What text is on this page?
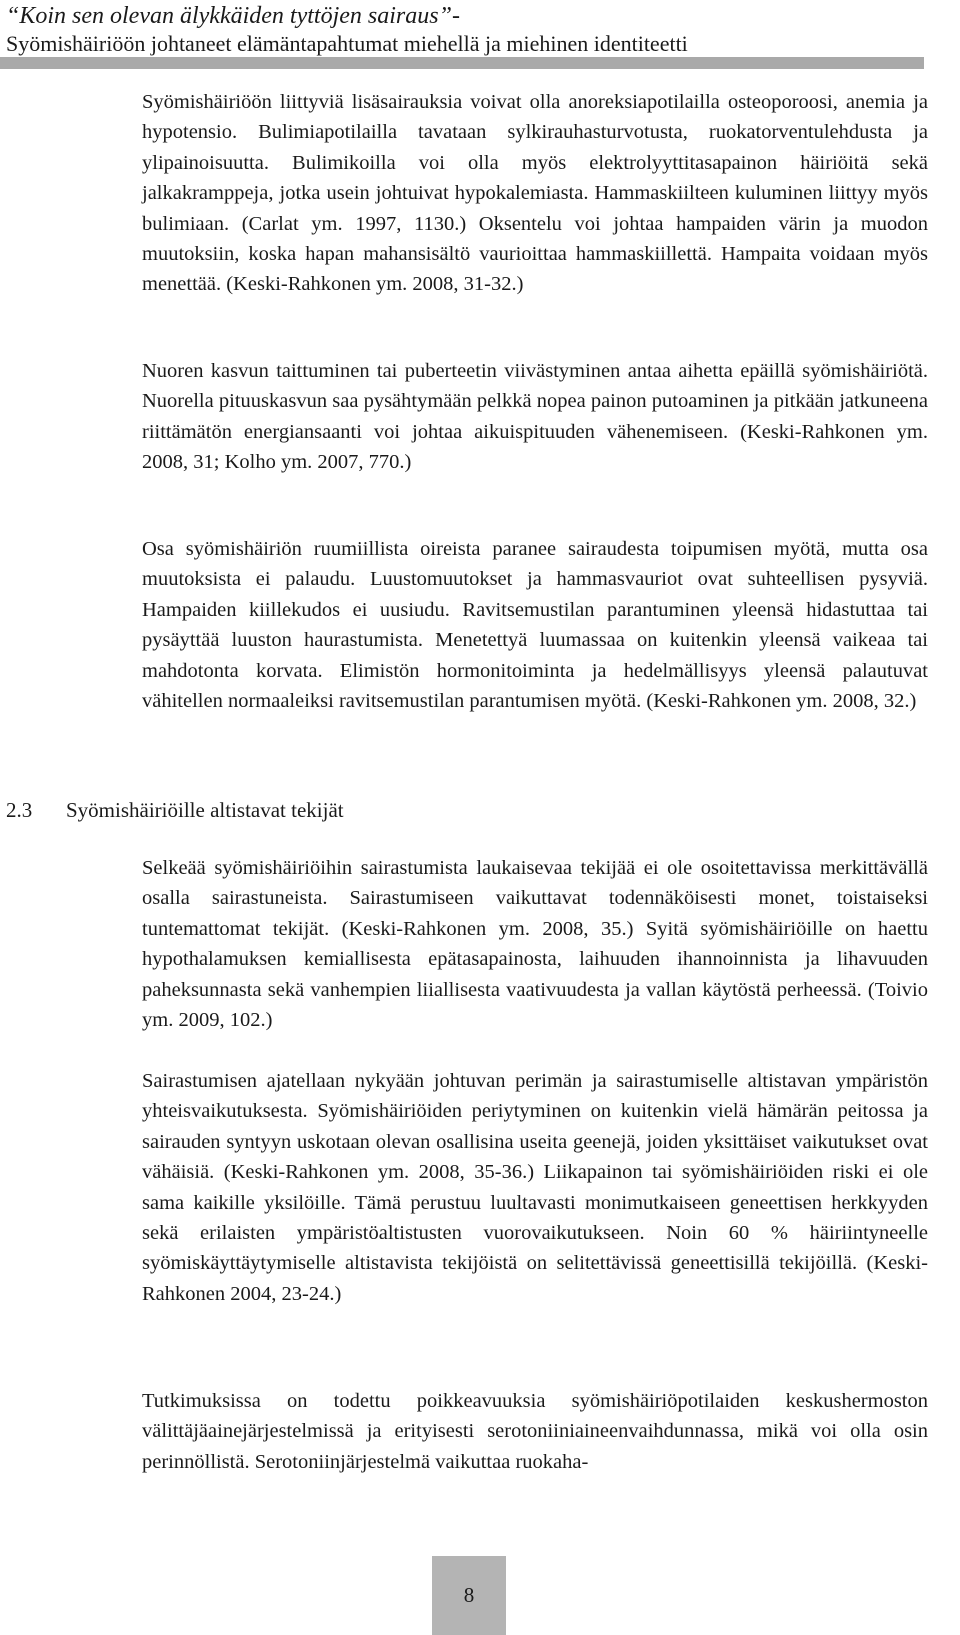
“Koin sen olevan älykkäiden tyttöjen sairaus”-
Syömishäiriöön johtaneet elämäntapahtumat miehellä ja miehinen identiteetti

Syömishäiriöön liittyviä lisäsairauksia voivat olla anoreksiapotilailla osteoporoosi, anemia ja hypotensio. Bulimiapotilailla tavataan sylkirauhasturvotusta, ruokatorventulehdusta ja ylipainoisuutta. Bulimikoilla voi olla myös elektrolyyttitasapainon häiriöitä sekä jalkakramppeja, jotka usein johtuivat hypokalemiasta. Hammaskiilteen kuluminen liittyy myös bulimiaan. (Carlat ym. 1997, 1130.) Oksentelu voi johtaa hampaiden värin ja muodon muutoksiin, koska hapan mahansisältö vaurioittaa hammaskiillettä. Hampaita voidaan myös menettää. (Keski-Rahkonen ym. 2008, 31-32.)

Nuoren kasvun taittuminen tai puberteetin viivästyminen antaa aihetta epäillä syömishäiriötä. Nuorella pituuskasvun saa pysähtymään pelkkä nopea painon putoaminen ja pitkään jatkuneena riittämätön energiansaanti voi johtaa aikuispituuden vähenemiseen. (Keski-Rahkonen ym. 2008, 31; Kolho ym. 2007, 770.)

Osa syömishäiriön ruumiillista oireista paranee sairaudesta toipumisen myötä, mutta osa muutoksista ei palaudu. Luustomuutokset ja hammasvauriot ovat suhteellisen pysyviä. Hampaiden kiillekudos ei uusiudu. Ravitsemustilan parantuminen yleensä hidastuttaa tai pysäyttää luuston haurastumista. Menetettyä luumassaa on kuitenkin yleensä vaikeaa tai mahdotonta korvata. Elimistön hormonitoiminta ja hedelmällisyys yleensä palautuvat vähitellen normaaleiksi ravitsemustilan parantumisen myötä. (Keski-Rahkonen ym. 2008, 32.)

2.3 Syömishäiriöille altistavat tekijät

Selkeää syömishäiriöihin sairastumista laukaisevaa tekijää ei ole osoitettavissa merkittävällä osalla sairastuneista. Sairastumiseen vaikuttavat todennäköisesti monet, toistaiseksi tuntemattomat tekijät. (Keski-Rahkonen ym. 2008, 35.) Syitä syömishäiriöille on haettu hypothalamuksen kemiallisesta epätasapainosta, laihuuden ihannoinnista ja lihavuuden paheksunnasta sekä vanhempien liiallisesta vaativuudesta ja vallan käytöstä perheessä. (Toivio ym. 2009, 102.)

Sairastumisen ajatellaan nykyään johtuvan perimän ja sairastumiselle altistavan ympäristön yhteisvaikutuksesta. Syömishäiriöiden periytyminen on kuitenkin vielä hämärän peitossa ja sairauden syntyyn uskotaan olevan osallisina useita geenejä, joiden yksittäiset vaikutukset ovat vähäisiä. (Keski-Rahkonen ym. 2008, 35-36.) Liikapainon tai syömishäiriöiden riski ei ole sama kaikille yksilöille. Tämä perustuu luultavasti monimutkaiseen geneettisen herkkyyden sekä erilaisten ympäristöaltistusten vuorovaikutukseen. Noin 60 % häiriintyneelle syömiskäyttäytymiselle altistavista tekijöistä on selitettävissä geneettisillä tekijöillä. (Keski-Rahkonen 2004, 23-24.)

Tutkimuksissa on todettu poikkeavuuksia syömishäiriöpotilaiden keskushermoston välittäjäainejärjestelmissä ja erityisesti serotoniiniaineenvaihdunnassa, mikä voi olla osin perinnöllistä. Serotoniinjärjestelmä vaikuttaa ruokaha-

8
